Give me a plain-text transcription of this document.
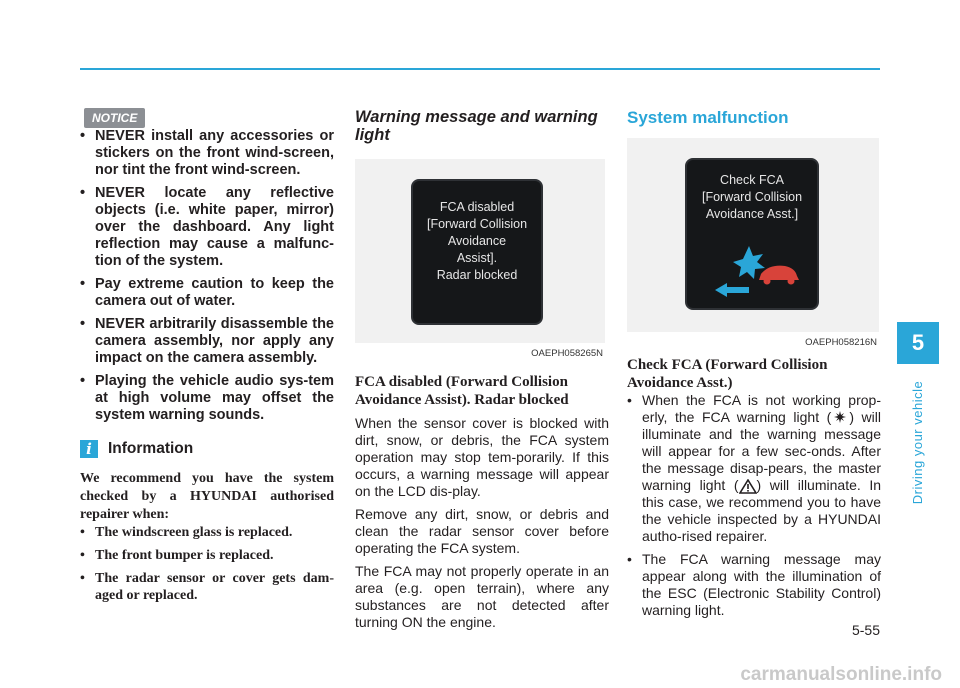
NOTICE
• NEVER install any accessories or stickers on the front wind-screen, nor tint the front wind-screen.
• NEVER locate any reflective objects (i.e. white paper, mirror) over the dashboard. Any light reflection may cause a malfunc-tion of the system.
• Pay extreme caution to keep the camera out of water.
• NEVER arbitrarily disassemble the camera assembly, nor apply any impact on the camera assembly.
• Playing the vehicle audio sys-tem at high volume may offset the system warning sounds.
i	Information
We recommend you have the system checked by a HYUNDAI authorised repairer when:
• The windscreen glass is replaced.
• The front bumper is replaced.
• The radar sensor or cover gets dam-aged or replaced.
Warning message and warning light
FCA disabled
[Forward Collision
Avoidance
Assist].
Radar blocked
OAEPH058265N
FCA disabled (Forward Collision Avoidance Assist). Radar blocked

When the sensor cover is blocked with dirt, snow, or debris, the FCA system operation may stop tem-porarily. If this occurs, a warning message will appear on the LCD dis-play.

Remove any dirt, snow, or debris and clean the radar sensor cover before operating the FCA system.

The FCA may not properly operate in an area (e.g. open terrain), where any substances are not detected after turning ON the engine.

System malfunction
Check FCA
[Forward Collision
Avoidance Asst.]
OAEPH058216N
Check FCA (Forward Collision Avoidance Asst.)
• When the FCA is not working prop-erly, the FCA warning light ( ) will illuminate and the warning message will appear for a few sec-onds. After the message disap-pears, the master warning light ( ) will illuminate. In this case, we recommend you to have the vehicle inspected by a HYUNDAI autho-rised repairer.
• The FCA warning message may appear along with the illumination of the ESC (Electronic Stability Control) warning light.
5
Driving your vehicle
5-55
carmanualsonline.info
